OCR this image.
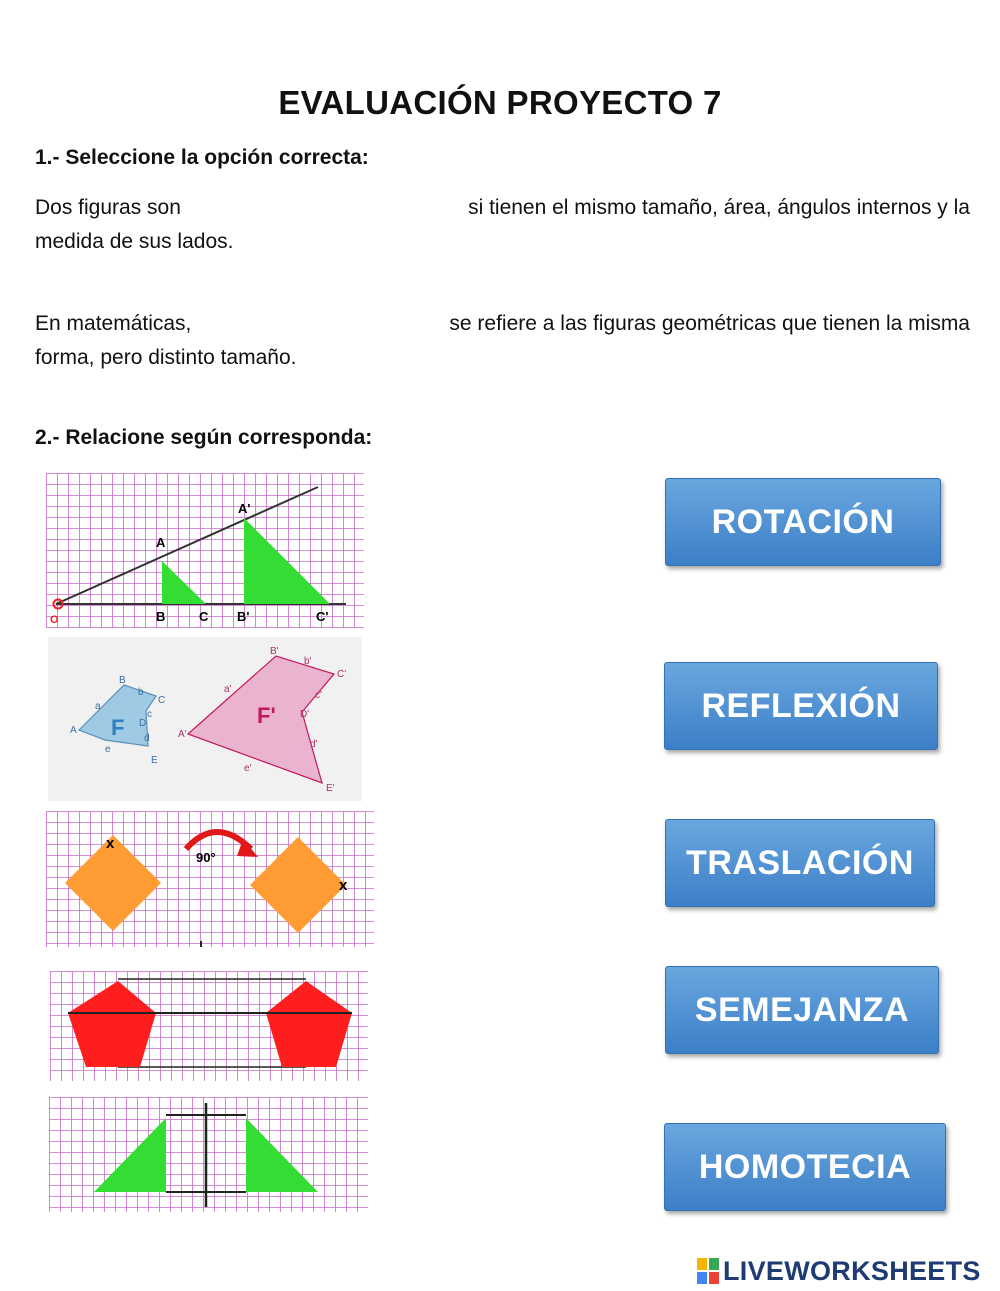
EVALUACIÓN PROYECTO 7
1.- Seleccione la opción correcta:
Dos figuras son	si tienen el mismo tamaño, área, ángulos internos y la
medida de sus lados.
En matemáticas,	se refiere a las figuras geométricas que tienen la misma
forma, pero distinto tamaño.
2.- Relacione según corresponda:
A'
A
O	B	C B'	C'
B
b
C
a
c
D
A F d
e
E
B'
b'
C'
a'
c'
D'
F'
A'
d'
e'
E'
90°
x
x
ROTACIÓN
REFLEXIÓN
TRASLACIÓN
SEMEJANZA
HOMOTECIA
LIVEWORKSHEETS
